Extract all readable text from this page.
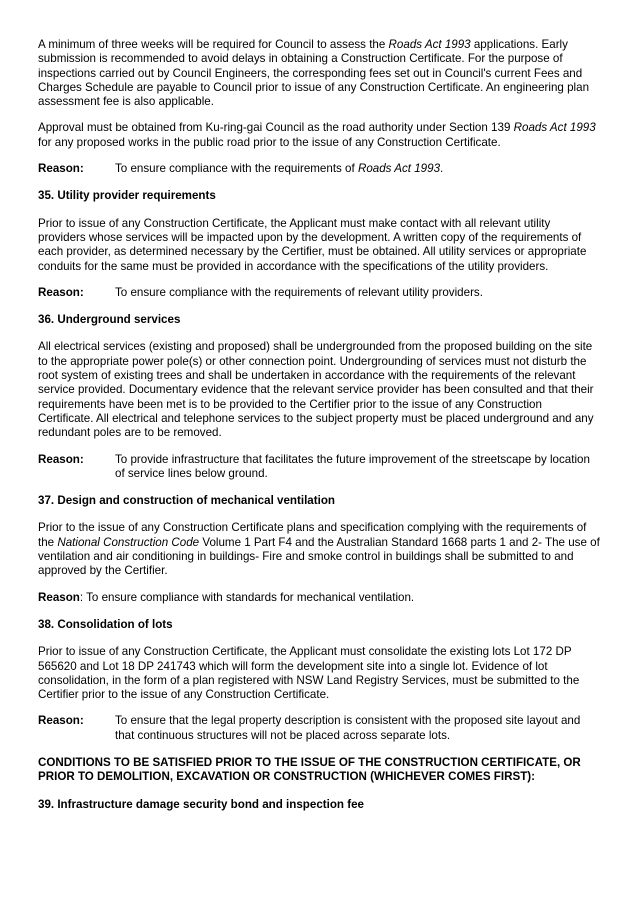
A minimum of three weeks will be required for Council to assess the Roads Act 1993 applications. Early submission is recommended to avoid delays in obtaining a Construction Certificate. For the purpose of inspections carried out by Council Engineers, the corresponding fees set out in Council's current Fees and Charges Schedule are payable to Council prior to issue of any Construction Certificate. An engineering plan assessment fee is also applicable.

Approval must be obtained from Ku-ring-gai Council as the road authority under Section 139 Roads Act 1993 for any proposed works in the public road prior to the issue of any Construction Certificate.

Reason:	To ensure compliance with the requirements of Roads Act 1993.
35. Utility provider requirements

Prior to issue of any Construction Certificate, the Applicant must make contact with all relevant utility providers whose services will be impacted upon by the development. A written copy of the requirements of each provider, as determined necessary by the Certifier, must be obtained. All utility services or appropriate conduits for the same must be provided in accordance with the specifications of the utility providers.

Reason:	To ensure compliance with the requirements of relevant utility providers.
36. Underground services

All electrical services (existing and proposed) shall be undergrounded from the proposed building on the site to the appropriate power pole(s) or other connection point. Undergrounding of services must not disturb the root system of existing trees and shall be undertaken in accordance with the requirements of the relevant service provided. Documentary evidence that the relevant service provider has been consulted and that their requirements have been met is to be provided to the Certifier prior to the issue of any Construction Certificate. All electrical and telephone services to the subject property must be placed underground and any redundant poles are to be removed.

Reason:	To provide infrastructure that facilitates the future improvement of the streetscape by location of service lines below ground.
37. Design and construction of mechanical ventilation

Prior to the issue of any Construction Certificate plans and specification complying with the requirements of the National Construction Code Volume 1 Part F4 and the Australian Standard 1668 parts 1 and 2- The use of ventilation and air conditioning in buildings- Fire and smoke control in buildings shall be submitted to and approved by the Certifier.

Reason: To ensure compliance with standards for mechanical ventilation.
38. Consolidation of lots

Prior to issue of any Construction Certificate, the Applicant must consolidate the existing lots Lot 172 DP 565620 and Lot 18 DP 241743 which will form the development site into a single lot. Evidence of lot consolidation, in the form of a plan registered with NSW Land Registry Services, must be submitted to the Certifier prior to the issue of any Construction Certificate.

Reason:	To ensure that the legal property description is consistent with the proposed site layout and that continuous structures will not be placed across separate lots.
CONDITIONS TO BE SATISFIED PRIOR TO THE ISSUE OF THE CONSTRUCTION CERTIFICATE, OR PRIOR TO DEMOLITION, EXCAVATION OR CONSTRUCTION (WHICHEVER COMES FIRST):
39. Infrastructure damage security bond and inspection fee
